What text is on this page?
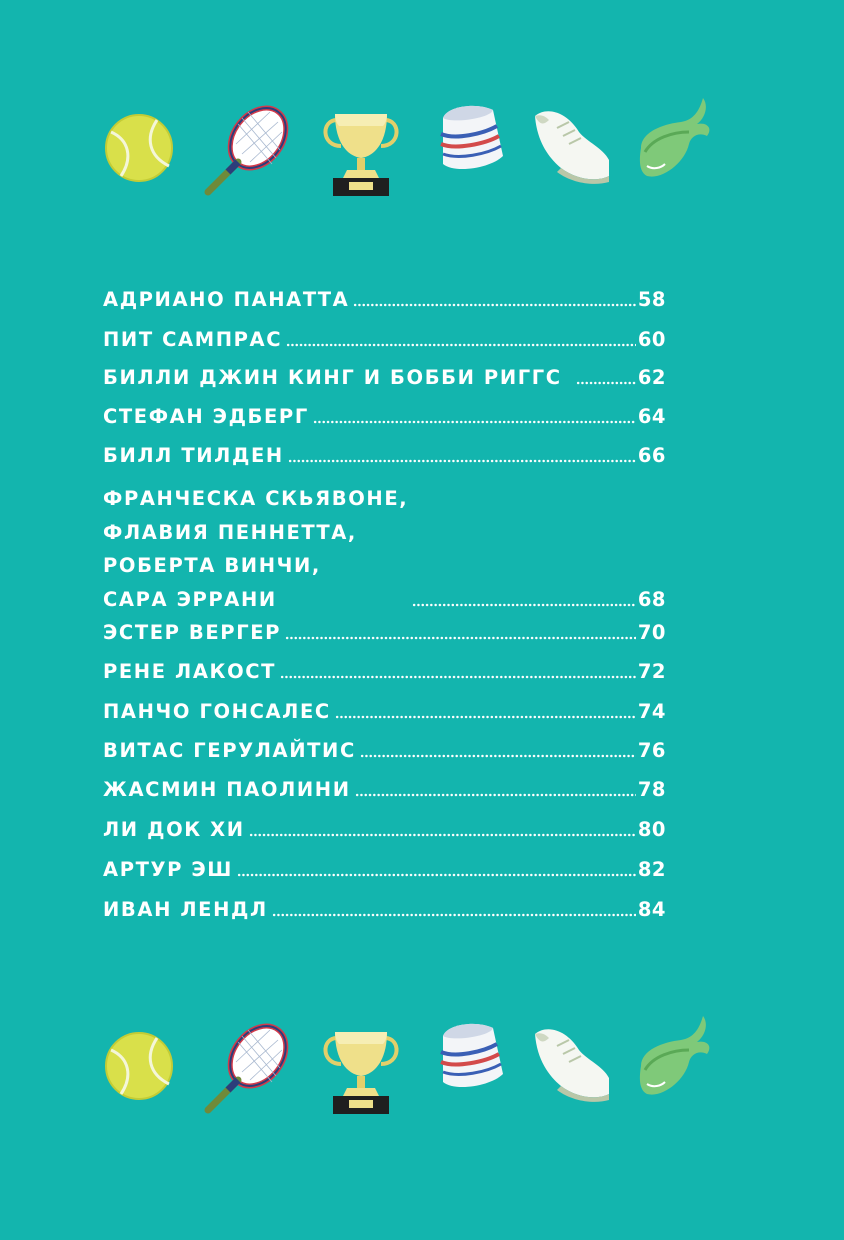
АДРИАНО ПАНАТТА	58
ПИТ САМПРАС	60
БИЛЛИ ДЖИН КИНГ И БОББИ РИГГС	62
СТЕФАН ЭДБЕРГ	64
БИЛЛ ТИЛДЕН	66
ФРАНЧЕСКА СКЬЯВОНЕ,
ФЛАВИЯ ПЕННЕТТА,
РОБЕРТА ВИНЧИ,
САРА ЭРРАНИ	68
ЭСТЕР ВЕРГЕР	70
РЕНЕ ЛАКОСТ	72
ПАНЧО ГОНСАЛЕС	74
ВИТАС ГЕРУЛАЙТИС	76
ЖАСМИН ПАОЛИНИ	78
ЛИ ДОК ХИ	80
АРТУР ЭШ	82
ИВАН ЛЕНДЛ	84
